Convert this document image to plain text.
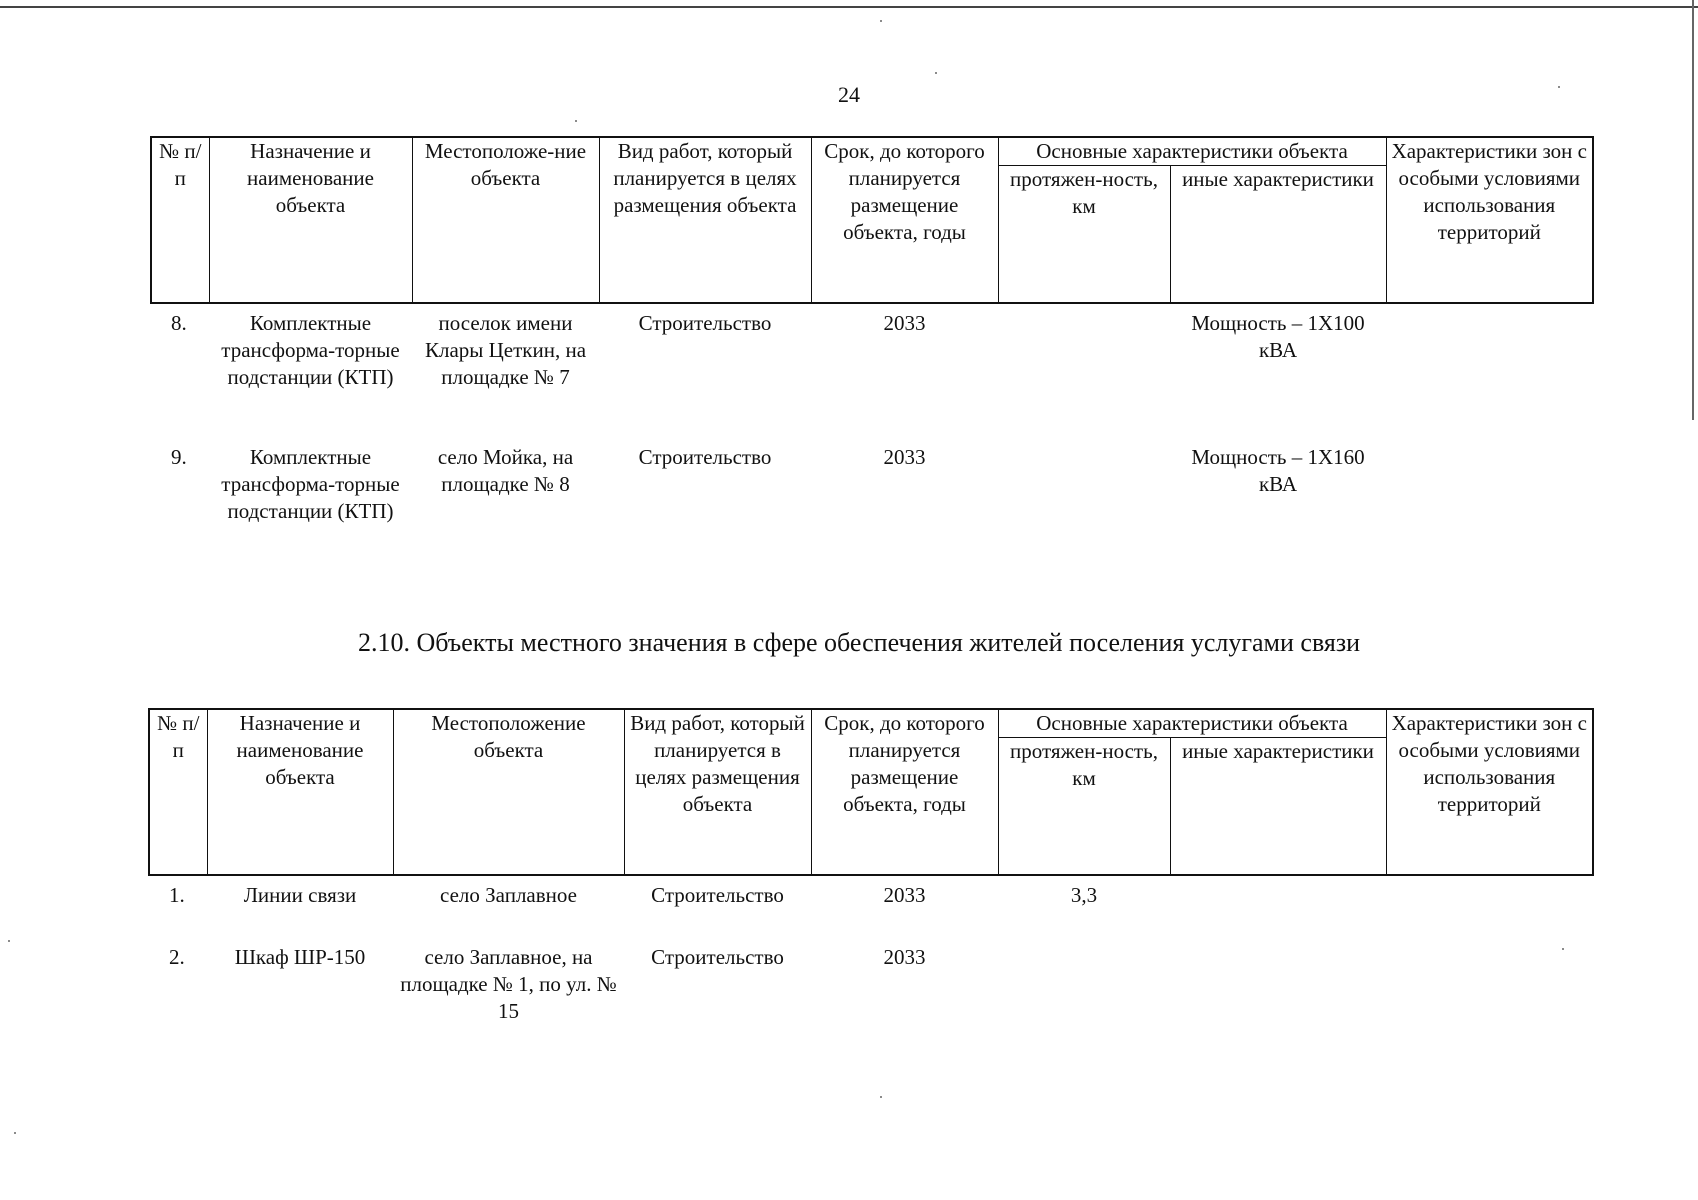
24
№ п/п	Назначение и наименование объекта	Местоположе-ние объекта	Вид работ, который планируется в целях размещения объекта	Срок, до которого планируется размещение объекта, годы	Основные характеристики объекта		Характеристики зон с особыми условиями использования территорий
					протяжен-ность, км	иные характеристики	
8.	Комплектные трансформа-торные подстанции (КТП)	поселок имени Клары Цеткин, на площадке № 7	Строительство	2033		Мощность – 1Х100 кВА	
9.	Комплектные трансформа-торные подстанции (КТП)	село Мойка, на площадке № 8	Строительство	2033		Мощность – 1Х160 кВА	
2.10. Объекты местного значения в сфере обеспечения жителей поселения услугами связи
№ п/п	Назначение и наименование объекта	Местоположение объекта	Вид работ, который планируется в целях размещения объекта	Срок, до которого планируется размещение объекта, годы	Основные характеристики объекта		Характеристики зон с особыми условиями использования территорий
					протяжен-ность, км	иные характеристики	
1.	Линии связи	село Заплавное	Строительство	2033	3,3		
2.	Шкаф ШР-150	село Заплавное, на площадке № 1, по ул. № 15	Строительство	2033			
